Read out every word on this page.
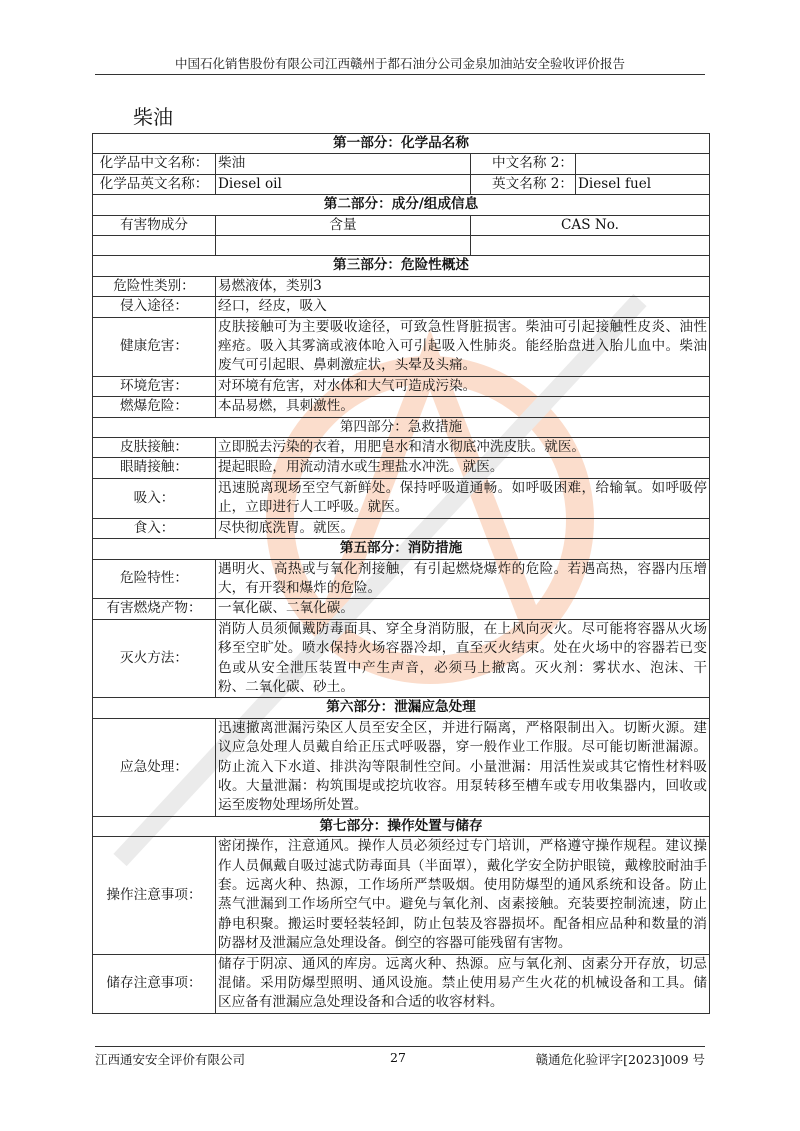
中国石化销售股份有限公司江西赣州于都石油分公司金泉加油站安全验收评价报告
柴油
第一部分：化学品名称			
化学品中文名称：	柴油	中文名称 2：	
化学品英文名称：	Diesel oil	英文名称 2：	Diesel fuel
第二部分：成分/组成信息			
有害物成分	含量	CAS No.	

第三部分：危险性概述			
危险性类别：	易燃液体，类别3		
侵入途径：	经口，经皮，吸入		
健康危害：	皮肤接触可为主要吸收途径，可致急性肾脏损害。柴油可引起接触性皮炎、油性痤疮。吸入其雾滴或液体呛入可引起吸入性肺炎。能经胎盘进入胎儿血中。柴油废气可引起眼、鼻刺激症状，头晕及头痛。		
环境危害：	对环境有危害，对水体和大气可造成污染。		
燃爆危险：	本品易燃，具刺激性。		
第四部分：急救措施			
皮肤接触：	立即脱去污染的衣着，用肥皂水和清水彻底冲洗皮肤。就医。		
眼睛接触：	提起眼睑，用流动清水或生理盐水冲洗。就医。		
吸入：	迅速脱离现场至空气新鲜处。保持呼吸道通畅。如呼吸困难，给输氧。如呼吸停止，立即进行人工呼吸。就医。		
食入：	尽快彻底洗胃。就医。		
第五部分：消防措施			
危险特性：	遇明火、高热或与氧化剂接触，有引起燃烧爆炸的危险。若遇高热，容器内压增大，有开裂和爆炸的危险。		
有害燃烧产物：	一氧化碳、二氧化碳。		
灭火方法：	消防人员须佩戴防毒面具、穿全身消防服，在上风向灭火。尽可能将容器从火场移至空旷处。喷水保持火场容器冷却，直至灭火结束。处在火场中的容器若已变色或从安全泄压装置中产生声音，必须马上撤离。灭火剂：雾状水、泡沫、干粉、二氧化碳、砂土。		
第六部分：泄漏应急处理			
应急处理：	迅速撤离泄漏污染区人员至安全区，并进行隔离，严格限制出入。切断火源。建议应急处理人员戴自给正压式呼吸器，穿一般作业工作服。尽可能切断泄漏源。防止流入下水道、排洪沟等限制性空间。小量泄漏：用活性炭或其它惰性材料吸收。大量泄漏：构筑围堤或挖坑收容。用泵转移至槽车或专用收集器内，回收或运至废物处理场所处置。		
第七部分：操作处置与储存			
操作注意事项：	密闭操作，注意通风。操作人员必须经过专门培训，严格遵守操作规程。建议操作人员佩戴自吸过滤式防毒面具（半面罩），戴化学安全防护眼镜，戴橡胶耐油手套。远离火种、热源，工作场所严禁吸烟。使用防爆型的通风系统和设备。防止蒸气泄漏到工作场所空气中。避免与氧化剂、卤素接触。充装要控制流速，防止静电积聚。搬运时要轻装轻卸，防止包装及容器损坏。配备相应品种和数量的消防器材及泄漏应急处理设备。倒空的容器可能残留有害物。		
储存注意事项：	储存于阴凉、通风的库房。远离火种、热源。应与氧化剂、卤素分开存放，切忌混储。采用防爆型照明、通风设施。禁止使用易产生火花的机械设备和工具。储区应备有泄漏应急处理设备和合适的收容材料。		
江西通安安全评价有限公司	27	赣通危化验评字[2023]009 号
